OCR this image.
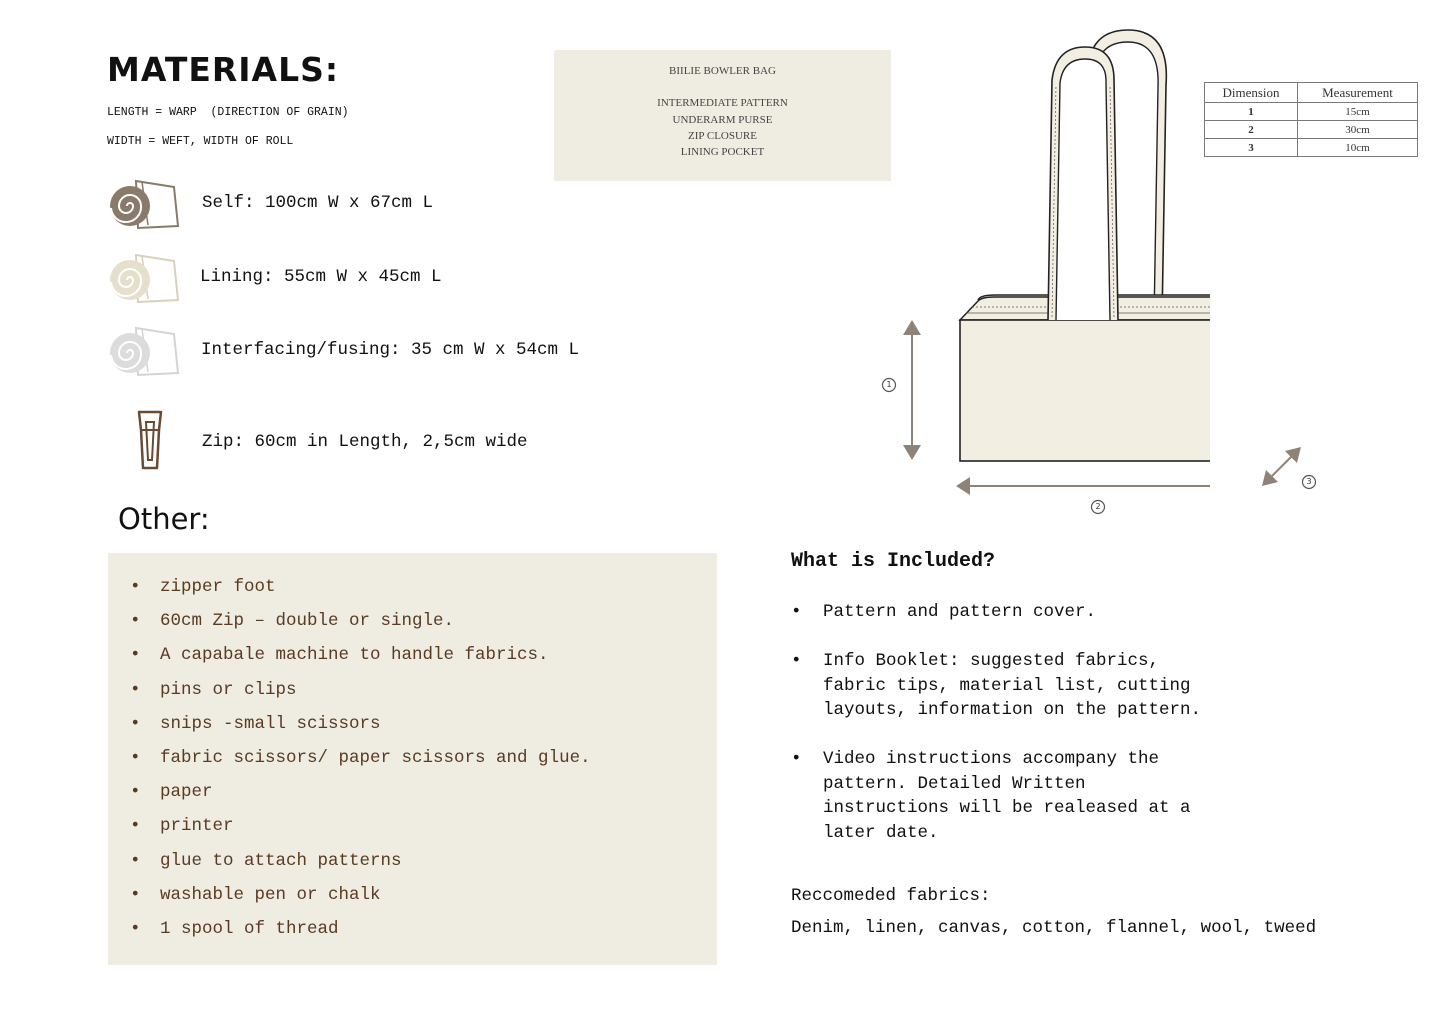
MATERIALS:
LENGTH = WARP  (DIRECTION OF GRAIN)
WIDTH = WEFT, WIDTH OF ROLL
Self: 100cm W x 67cm L
Lining: 55cm W x 45cm L
Interfacing/fusing: 35 cm W x 54cm L
Zip: 60cm in Length, 2,5cm wide
Other:
• zipper foot
• 60cm Zip – double or single.
• A capabale machine to handle fabrics.
• pins or clips
• snips -small scissors
• fabric scissors/ paper scissors and glue.
• paper
• printer
• glue to attach patterns
• washable pen or chalk
• 1 spool of thread
BIILIE BOWLER BAG
INTERMEDIATE PATTERN
UNDERARM PURSE
ZIP CLOSURE
LINING POCKET
1
2
3
Dimension	Measurement
1	15cm
2	30cm
3	10cm
What is Included?
• Pattern and pattern cover.
• Info Booklet: suggested fabrics,
fabric tips, material list, cutting
layouts, information on the pattern.
• Video instructions accompany the
pattern. Detailed Written
instructions will be realeased at a
later date.
Reccomeded fabrics:
Denim, linen, canvas, cotton, flannel, wool, tweed
